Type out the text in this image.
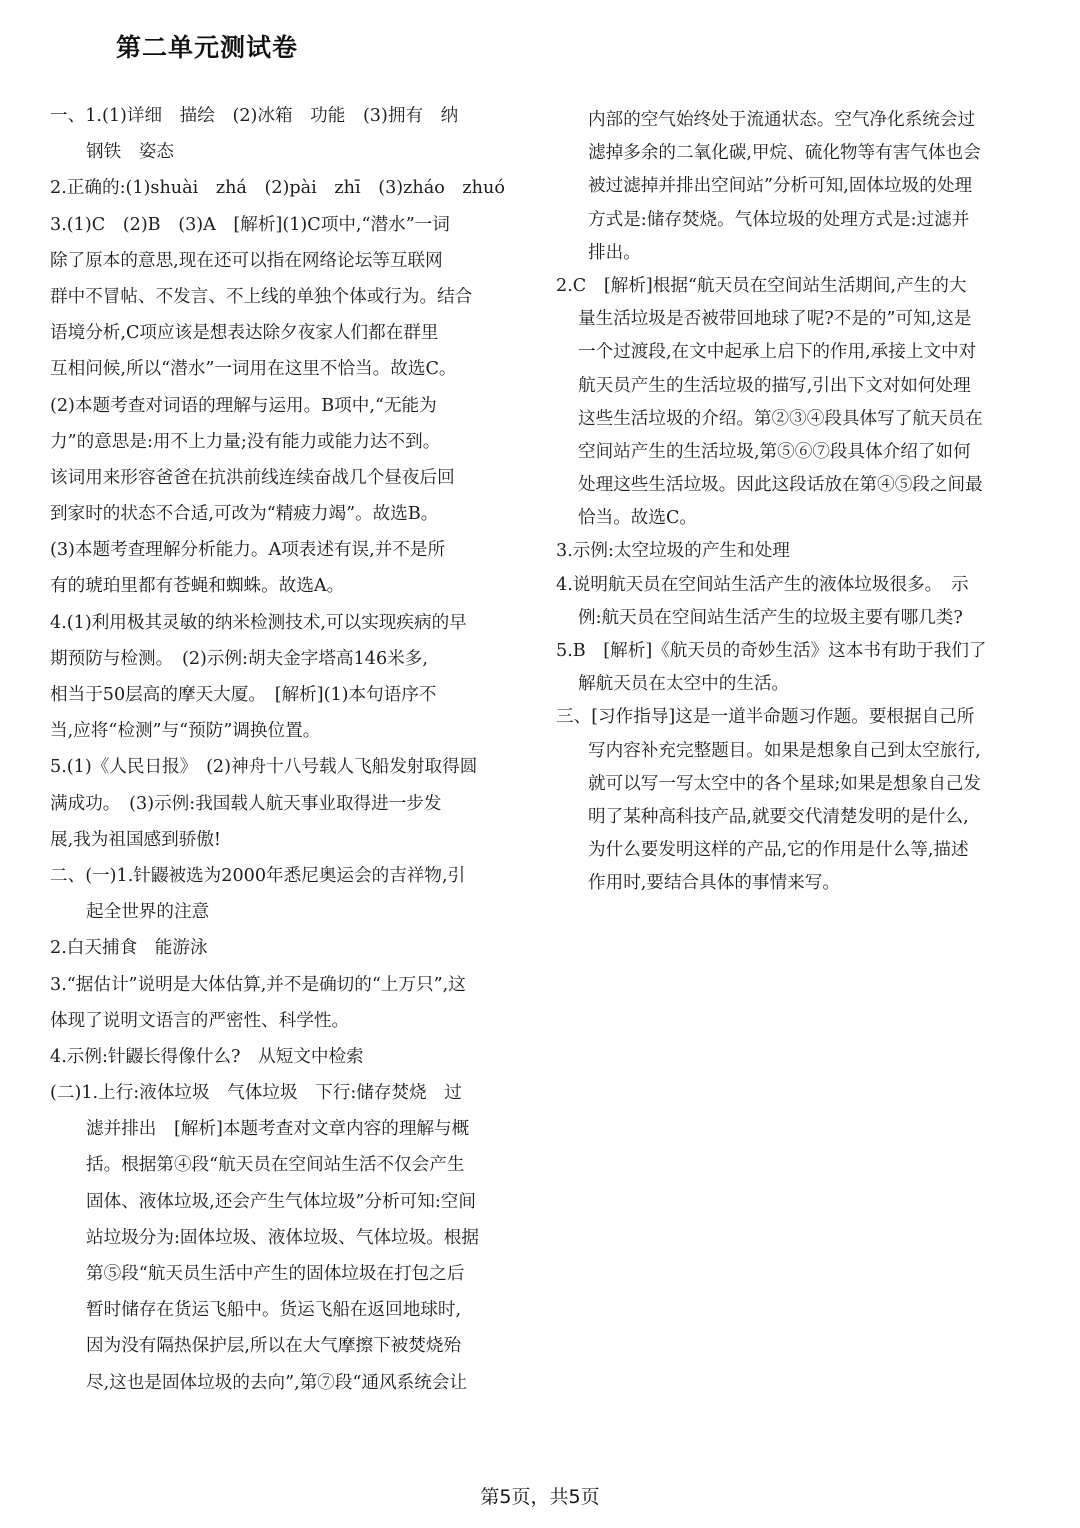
第二单元测试卷
一、1.(1)详细　描绘　(2)冰箱　功能　(3)拥有　纳
钢铁　姿态
2.正确的:(1)shuài　zhá　(2)pài　zhī　(3)zháo　zhuó
3.(1)C　(2)B　(3)A　[解析](1)C项中,“潜水”一词
除了原本的意思,现在还可以指在网络论坛等互联网
群中不冒帖、不发言、不上线的单独个体或行为。结合
语境分析,C项应该是想表达除夕夜家人们都在群里
互相问候,所以“潜水”一词用在这里不恰当。故选C。
(2)本题考查对词语的理解与运用。B项中,“无能为
力”的意思是:用不上力量;没有能力或能力达不到。
该词用来形容爸爸在抗洪前线连续奋战几个昼夜后回
到家时的状态不合适,可改为“精疲力竭”。故选B。
(3)本题考查理解分析能力。A项表述有误,并不是所
有的琥珀里都有苍蝇和蜘蛛。故选A。
4.(1)利用极其灵敏的纳米检测技术,可以实现疾病的早
期预防与检测。　(2)示例:胡夫金字塔高146米多,
相当于50层高的摩天大厦。　[解析](1)本句语序不
当,应将“检测”与“预防”调换位置。
5.(1)《人民日报》　(2)神舟十八号载人飞船发射取得圆
满成功。　(3)示例:我国载人航天事业取得进一步发
展,我为祖国感到骄傲!
二、(一)1.针鼹被选为2000年悉尼奥运会的吉祥物,引
起全世界的注意
2.白天捕食　能游泳
3.“据估计”说明是大体估算,并不是确切的“上万只”,这
体现了说明文语言的严密性、科学性。
4.示例:针鼹长得像什么?　从短文中检索
(二)1.上行:液体垃圾　气体垃圾　下行:储存焚烧　过
滤并排出　[解析]本题考查对文章内容的理解与概
括。根据第④段“航天员在空间站生活不仅会产生
固体、液体垃圾,还会产生气体垃圾”分析可知:空间
站垃圾分为:固体垃圾、液体垃圾、气体垃圾。根据
第⑤段“航天员生活中产生的固体垃圾在打包之后
暂时储存在货运飞船中。货运飞船在返回地球时,
因为没有隔热保护层,所以在大气摩擦下被焚烧殆
尽,这也是固体垃圾的去向”,第⑦段“通风系统会让
内部的空气始终处于流通状态。空气净化系统会过
滤掉多余的二氧化碳,甲烷、硫化物等有害气体也会
被过滤掉并排出空间站”分析可知,固体垃圾的处理
方式是:储存焚烧。气体垃圾的处理方式是:过滤并
排出。
2.C　[解析]根据“航天员在空间站生活期间,产生的大
量生活垃圾是否被带回地球了呢?不是的”可知,这是
一个过渡段,在文中起承上启下的作用,承接上文中对
航天员产生的生活垃圾的描写,引出下文对如何处理
这些生活垃圾的介绍。第②③④段具体写了航天员在
空间站产生的生活垃圾,第⑤⑥⑦段具体介绍了如何
处理这些生活垃圾。因此这段话放在第④⑤段之间最
恰当。故选C。
3.示例:太空垃圾的产生和处理
4.说明航天员在空间站生活产生的液体垃圾很多。　示
例:航天员在空间站生活产生的垃圾主要有哪几类?
5.B　[解析]《航天员的奇妙生活》这本书有助于我们了
解航天员在太空中的生活。
三、[习作指导]这是一道半命题习作题。要根据自己所
写内容补充完整题目。如果是想象自己到太空旅行,
就可以写一写太空中的各个星球;如果是想象自己发
明了某种高科技产品,就要交代清楚发明的是什么,
为什么要发明这样的产品,它的作用是什么等,描述
作用时,要结合具体的事情来写。
第5页，共5页
